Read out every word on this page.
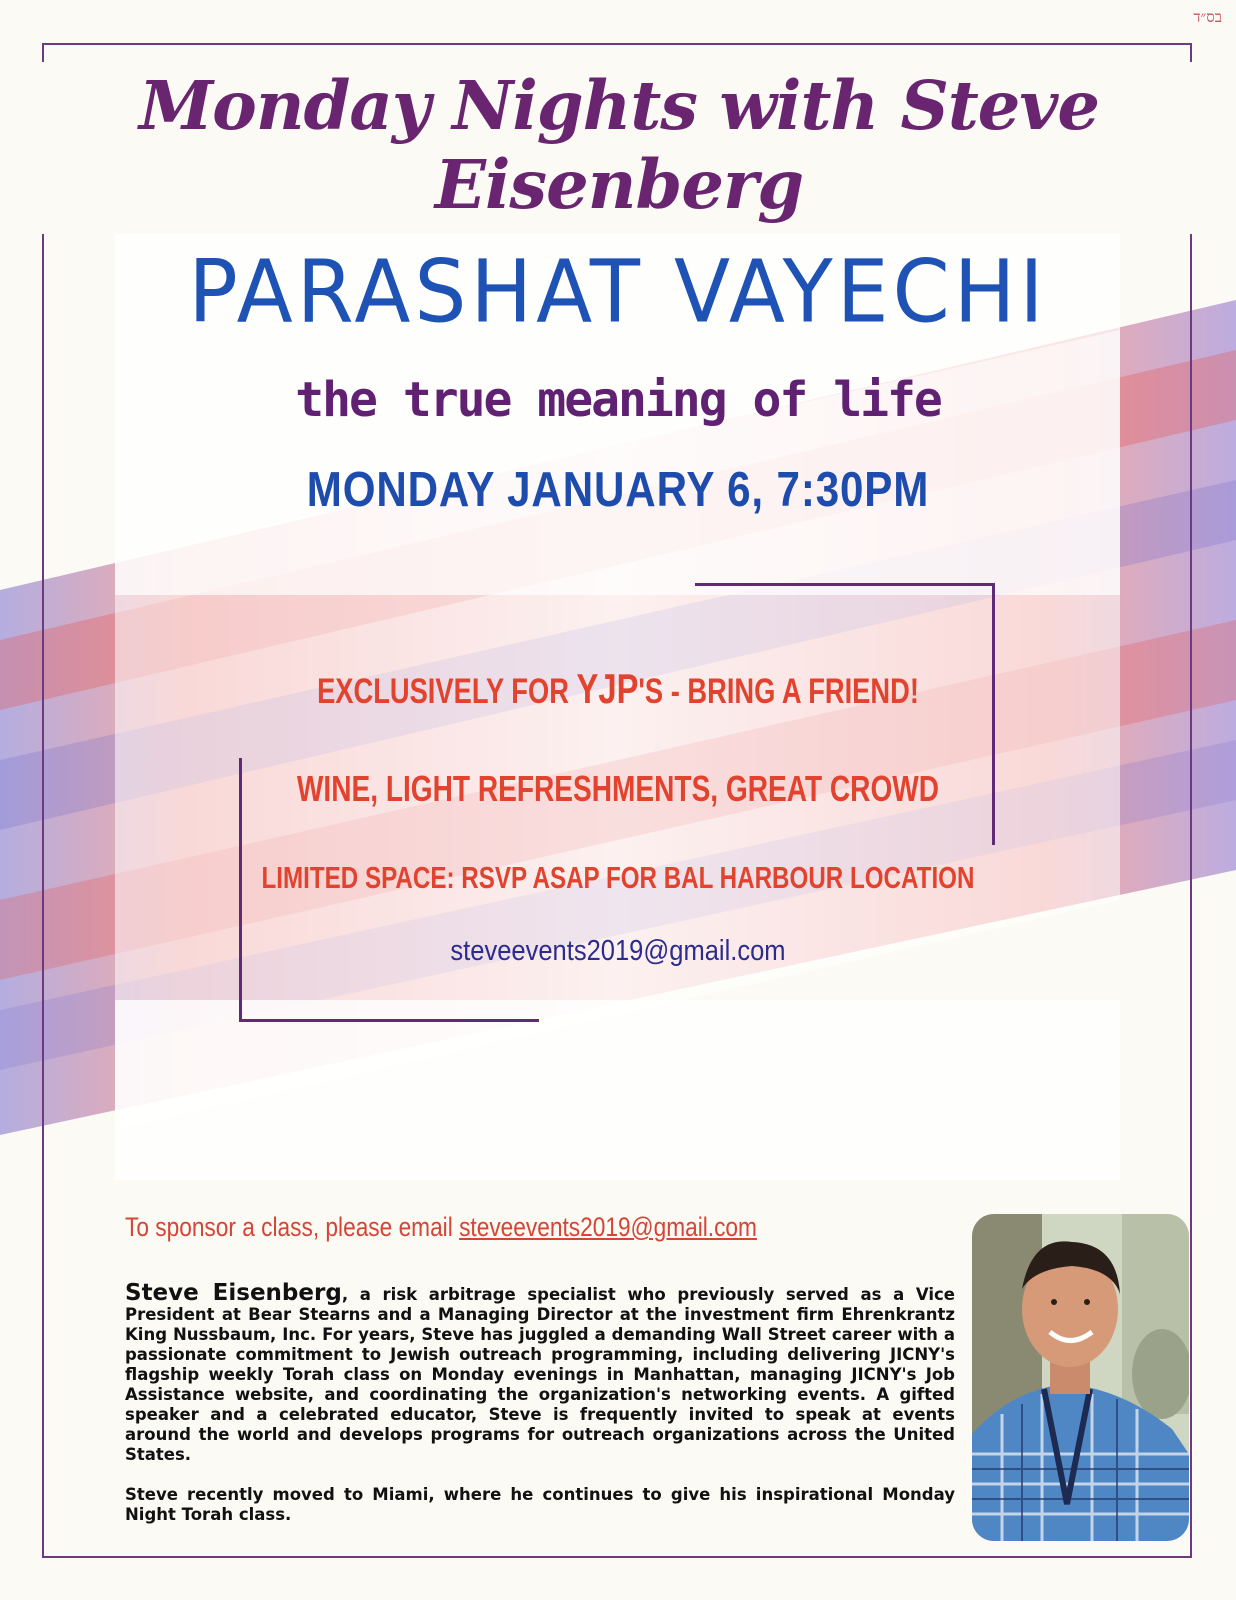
בס״ד
Monday Nights with Steve Eisenberg
PARASHAT VAYECHI
the true meaning of life
MONDAY JANUARY 6, 7:30PM
EXCLUSIVELY FOR YJP'S - BRING A FRIEND!
WINE, LIGHT REFRESHMENTS, GREAT CROWD
LIMITED SPACE: RSVP ASAP FOR BAL HARBOUR LOCATION
steveevents2019@gmail.com
To sponsor a class, please email steveevents2019@gmail.com

Steve Eisenberg, a risk arbitrage specialist who previously served as a Vice President at Bear Stearns and a Managing Director at the investment firm Ehrenkrantz King Nussbaum, Inc. For years, Steve has juggled a demanding Wall Street career with a passionate commitment to Jewish outreach programming, including delivering JICNY's flagship weekly Torah class on Monday evenings in Manhattan, managing JICNY's Job Assistance website, and coordinating the organization's networking events. A gifted speaker and a celebrated educator, Steve is frequently invited to speak at events around the world and develops programs for outreach organizations across the United States.

Steve recently moved to Miami, where he continues to give his inspirational Monday Night Torah class.
